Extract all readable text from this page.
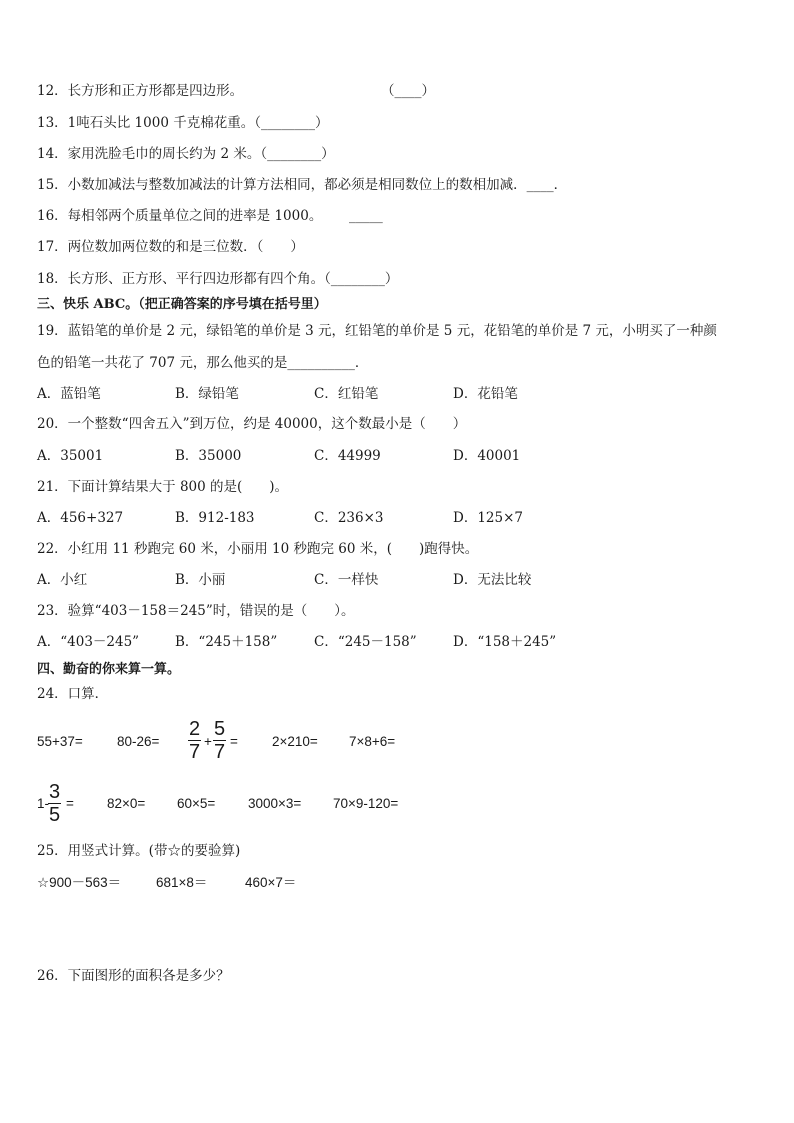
12．长方形和正方形都是四边形。	（____）
13．1吨石头比 1000 千克棉花重。（________）
14．家用洗脸毛巾的周长约为 2 米。（________）
15．小数加减法与整数加减法的计算方法相同，都必须是相同数位上的数相加减．____．
16．每相邻两个质量单位之间的进率是 1000。 _____
17．两位数加两位数的和是三位数．（　　）
18．长方形、正方形、平行四边形都有四个角。（________）
三、快乐 ABC。（把正确答案的序号填在括号里）
19．蓝铅笔的单价是 2 元，绿铅笔的单价是 3 元，红铅笔的单价是 5 元，花铅笔的单价是 7 元，小明买了一种颜
色的铅笔一共花了 707 元，那么他买的是__________．
A．蓝铅笔	B．绿铅笔	C．红铅笔	D．花铅笔
20．一个整数“四舍五入”到万位，约是 40000，这个数最小是（　　）
A．35001	B．35000	C．44999	D．40001
21．下面计算结果大于 800 的是(　　)。
A．456+327	B．912-183	C．236×3	D．125×7
22．小红用 11 秒跑完 60 米，小丽用 10 秒跑完 60 米，(　　)跑得快。
A．小红	B．小丽	C．一样快	D．无法比较
23．验算“403－158＝245”时，错误的是（　　）。
A．“403－245”	B．“245＋158”	C．“245－158”	D．“158＋245”
四、勤奋的你来算一算。
24．口算．
55+37=	$80-26= \frac{2}{7} + \frac{5}{7}$ =	2×210= 7×8+6=
1-
$\frac{3}{5} = 82\times 0= 60\times 5= 3000\times 3= 70\times 9-120=$
25．用竖式计算。(带☆的要验算)
☆900－563＝	681×8＝	460×7＝
26．下面图形的面积各是多少？
